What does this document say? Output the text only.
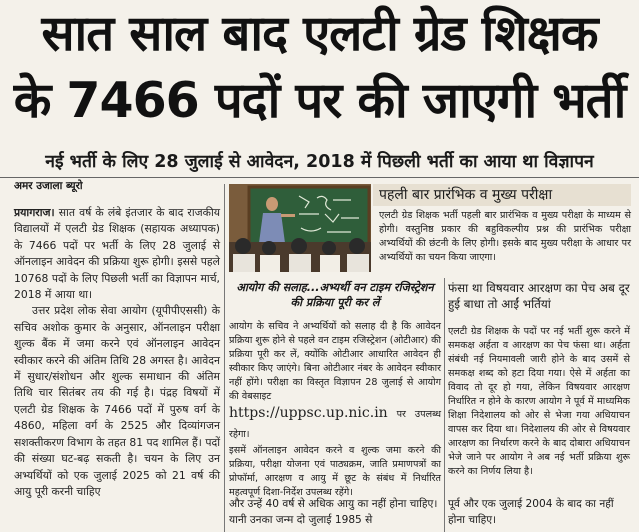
सात साल बाद एलटी ग्रेड शिक्षक
के 7466 पदों पर की जाएगी भर्ती
नई भर्ती के लिए 28 जुलाई से आवेदन, 2018 में पिछली भर्ती का आया था विज्ञापन
अमर उजाला ब्यूरो

प्रयागराज। सात वर्ष के लंबे इंतजार के बाद राजकीय विद्यालयों में एलटी ग्रेड शिक्षक (सहायक अध्यापक) के 7466 पदों पर भर्ती के लिए 28 जुलाई से ऑनलाइन आवेदन की प्रक्रिया शुरू होगी। इससे पहले 10768 पदों के लिए पिछली भर्ती का विज्ञापन मार्च, 2018 में आया था।

उत्तर प्रदेश लोक सेवा आयोग (यूपीपीएससी) के सचिव अशोक कुमार के अनुसार, ऑनलाइन परीक्षा शुल्क बैंक में जमा करने एवं ऑनलाइन आवेदन स्वीकार करने की अंतिम तिथि 28 अगस्त है। आवेदन में सुधार/संशोधन और शुल्क समाधान की अंतिम तिथि चार सितंबर तय की गई है। पंद्रह विषयों में एलटी ग्रेड शिक्षक के 7466 पदों में पुरुष वर्ग के 4860, महिला वर्ग के 2525 और दिव्यांगजन सशक्तीकरण विभाग के तहत 81 पद शामिल हैं। पदों की संख्या घट-बढ़ सकती है। चयन के लिए उन अभ्यर्थियों को एक जुलाई 2025 को 21 वर्ष की आयु पूरी करनी चाहिए

पहली बार प्रारंभिक व मुख्य परीक्षा
एलटी ग्रेड शिक्षक भर्ती पहली बार प्रारंभिक व मुख्य परीक्षा के माध्यम से होगी। वस्तुनिष्ठ प्रकार की बहुविकल्पीय प्रश्न की प्रारंभिक परीक्षा अभ्यर्थियों की छंटनी के लिए होगी। इसके बाद मुख्य परीक्षा के आधार पर अभ्यर्थियों का चयन किया जाएगा।
आयोग की सलाह...अभ्यर्थी वन टाइम रजिस्ट्रेशन की प्रक्रिया पूरी कर लें
आयोग के सचिव ने अभ्यर्थियों को सलाह दी है कि आवेदन प्रक्रिया शुरू होने से पहले वन टाइम रजिस्ट्रेशन (ओटीआर) की प्रक्रिया पूरी कर लें, क्योंकि ओटीआर आधारित आवेदन ही स्वीकार किए जाएंगे। बिना ओटीआर नंबर के आवेदन स्वीकार नहीं होंगे। परीक्षा का विस्तृत विज्ञापन 28 जुलाई से आयोग की वेबसाइट
https://uppsc.up.nic.in पर उपलब्ध रहेगा।
इसमें ऑनलाइन आवेदन करने व शुल्क जमा करने की प्रक्रिया, परीक्षा योजना एवं पाठ्यक्रम, जाति प्रमाणपत्रों का प्रोफॉर्मा, आरक्षण व आयु में छूट के संबंध में निर्धारित महत्वपूर्ण दिशा-निर्देश उपलब्ध रहेंगे।
फंसा था विषयवार आरक्षण का पेच अब दूर हुई बाधा तो आईं भर्तियां
एलटी ग्रेड शिक्षक के पदों पर नई भर्ती शुरू करने में समकक्ष अर्हता व आरक्षण का पेच फंसा था। अर्हता संबंधी नई नियमावली जारी होने के बाद उसमें से समकक्ष शब्द को हटा दिया गया। ऐसे में अर्हता का विवाद तो दूर हो गया, लेकिन विषयवार आरक्षण निर्धारित न होने के कारण आयोग ने पूर्व में माध्यमिक शिक्षा निदेशालय को ओर से भेजा गया अधियाचन वापस कर दिया था। निदेशालय की ओर से विषयवार आरक्षण का निर्धारण करने के बाद दोबारा अधियाचन भेजे जाने पर आयोग ने अब नई भर्ती प्रक्रिया शुरू करने का निर्णय लिया है।
और उन्हें 40 वर्ष से अधिक आयु का नहीं होना चाहिए। यानी उनका जन्म दो जुलाई 1985 से
पूर्व और एक जुलाई 2004 के बाद का नहीं होना चाहिए।
